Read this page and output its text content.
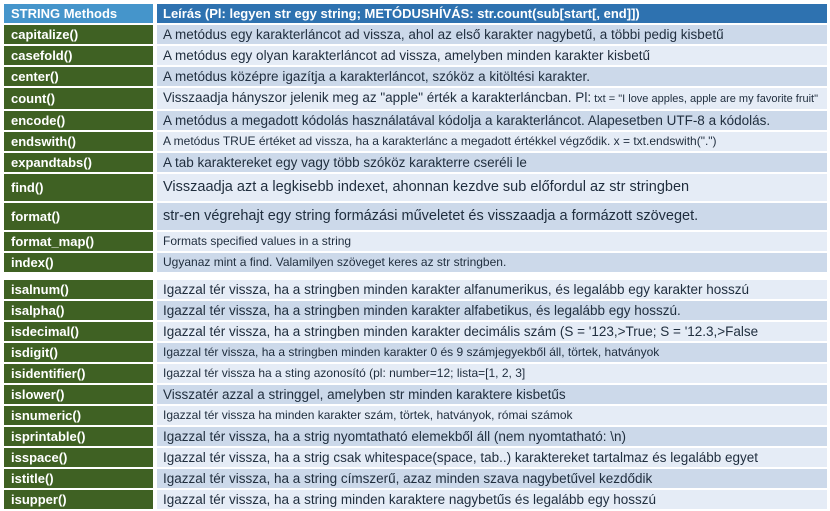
STRING Methods	Leírás (Pl: legyen str egy string; METÓDUSHÍVÁS: str.count(sub[start[, end]])
capitalize()	A metódus egy karakterláncot ad vissza, ahol az első karakter nagybetű, a többi pedig kisbetű
casefold()	A metódus egy olyan karakterláncot ad vissza, amelyben minden karakter kisbetű
center()	A metódus középre igazítja a karakterláncot, szóköz a kitöltési karakter.
count()	Visszaadja hányszor jelenik meg az "apple" érték a karakterláncban. Pl: txt = "I love apples, apple are my favorite fruit"
encode()	A metódus a megadott kódolás használatával kódolja a karakterláncot. Alapesetben UTF-8 a kódolás.
endswith()	A metódus TRUE értéket ad vissza, ha a karakterlánc a megadott értékkel végződik. x = txt.endswith(".")
expandtabs()	A tab karaktereket egy vagy több szóköz karakterre cseréli le
find()	Visszaadja azt a legkisebb indexet, ahonnan kezdve sub előfordul az str stringben
format()	str-en végrehajt egy string formázási műveletet és visszaadja a formázott szöveget.
format_map()	Formats specified values in a string
index()	Ugyanaz mint a find. Valamilyen szöveget keres az str stringben.
isalnum()	Igazzal tér vissza, ha a stringben minden karakter alfanumerikus, és legalább egy karakter hosszú
isalpha()	Igazzal tér vissza, ha a stringben minden karakter alfabetikus, és legalább egy hosszú.
isdecimal()	Igazzal tér vissza, ha a stringben minden karakter decimális szám (S = '123,>True; S = '12.3,>False
isdigit()	Igazzal tér vissza, ha a stringben minden karakter 0 és 9 számjegyekből áll, törtek, hatványok
isidentifier()	Igazzal tér vissza ha a sting azonosító (pl: number=12; lista=[1, 2, 3]
islower()	Visszatér azzal a stringgel, amelyben str minden karaktere kisbetűs
isnumeric()	Igazzal tér vissza ha minden karakter szám, törtek, hatványok, római számok
isprintable()	Igazzal tér vissza, ha a strig nyomtatható elemekből áll (nem nyomtatható: \n)
isspace()	Igazzal tér vissza, ha a strig csak whitespace(space, tab..) karaktereket tartalmaz és legalább egyet
istitle()	Igazzal tér vissza, ha a string címszerű, azaz minden szava nagybetűvel kezdődik
isupper()	Igazzal tér vissza, ha a string minden karaktere nagybetűs és legalább egy hosszú
